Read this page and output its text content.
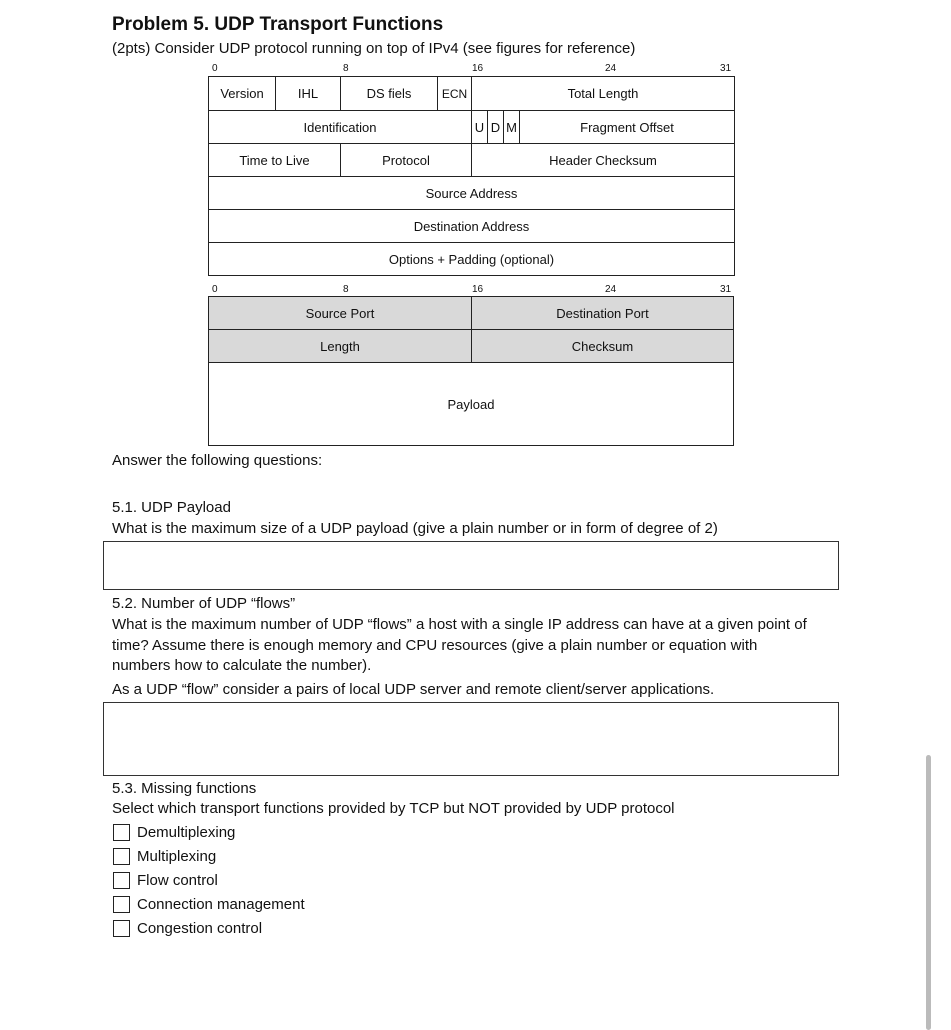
Problem 5. UDP Transport Functions
(2pts) Consider UDP protocol running on top of IPv4 (see figures for reference)
0	8	16	24	31
Version	IHL	DS fiels	ECN	Total Length
Identification	U D M	Fragment Offset
Time to Live	Protocol	Header Checksum
Source Address
Destination Address
Options + Padding (optional)
0	8	16	24	31
Source Port	Destination Port
Length	Checksum
Payload
Answer the following questions:
5.1. UDP Payload
What is the maximum size of a UDP payload (give a plain number or in form of degree of 2)
5.2. Number of UDP “flows”
What is the maximum number of UDP “flows” a host with a single IP address can have at a given point of
time? Assume there is enough memory and CPU resources (give a plain number or equation with
numbers how to calculate the number).
As a UDP “flow” consider a pairs of local UDP server and remote client/server applications.
5.3. Missing functions
Select which transport functions provided by TCP but NOT provided by UDP protocol
Demultiplexing
Multiplexing
Flow control
Connection management
Congestion control
